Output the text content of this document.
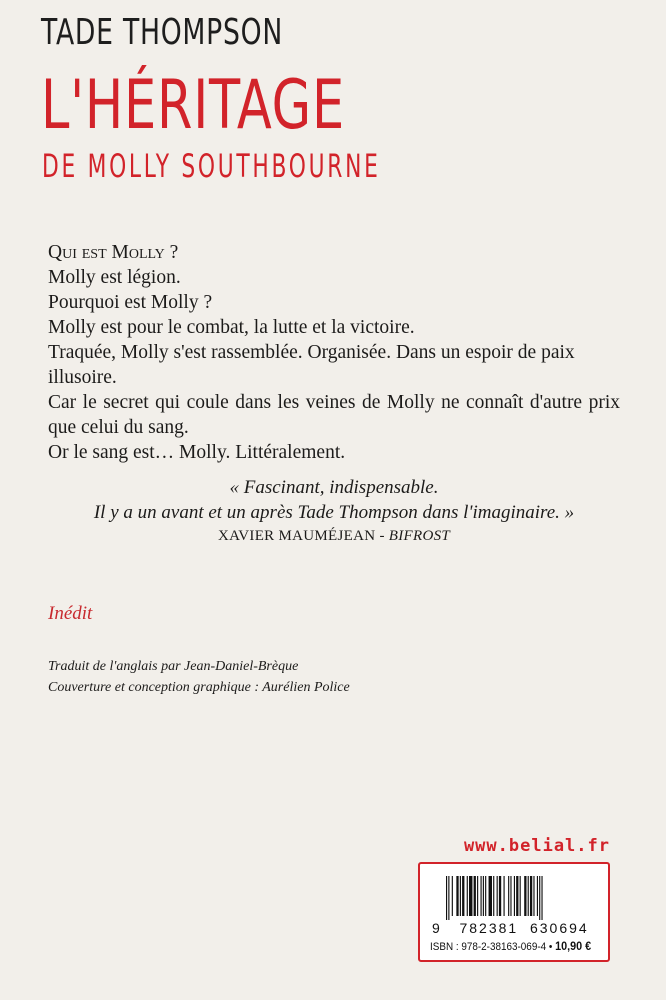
TADE THOMPSON
L'HÉRITAGE
DE MOLLY SOUTHBOURNE

Qui est Molly ?

Molly est légion.

Pourquoi est Molly ?

Molly est pour le combat, la lutte et la victoire.

Traquée, Molly s'est rassemblée. Organisée. Dans un espoir de paix illusoire.

Car le secret qui coule dans les veines de Molly ne connaît d'autre prix que celui du sang.

Or le sang est… Molly. Littéralement.

« Fascinant, indispensable.

Il y a un avant et un après Tade Thompson dans l'imaginaire. »

XAVIER MAUMÉJEAN - BIFROST

Inédit

Traduit de l'anglais par Jean-Daniel-Brèque

Couverture et conception graphique : Aurélien Police

www.belial.fr
9 782381 630694
ISBN : 978-2-38163-069-4 • 10,90 €
